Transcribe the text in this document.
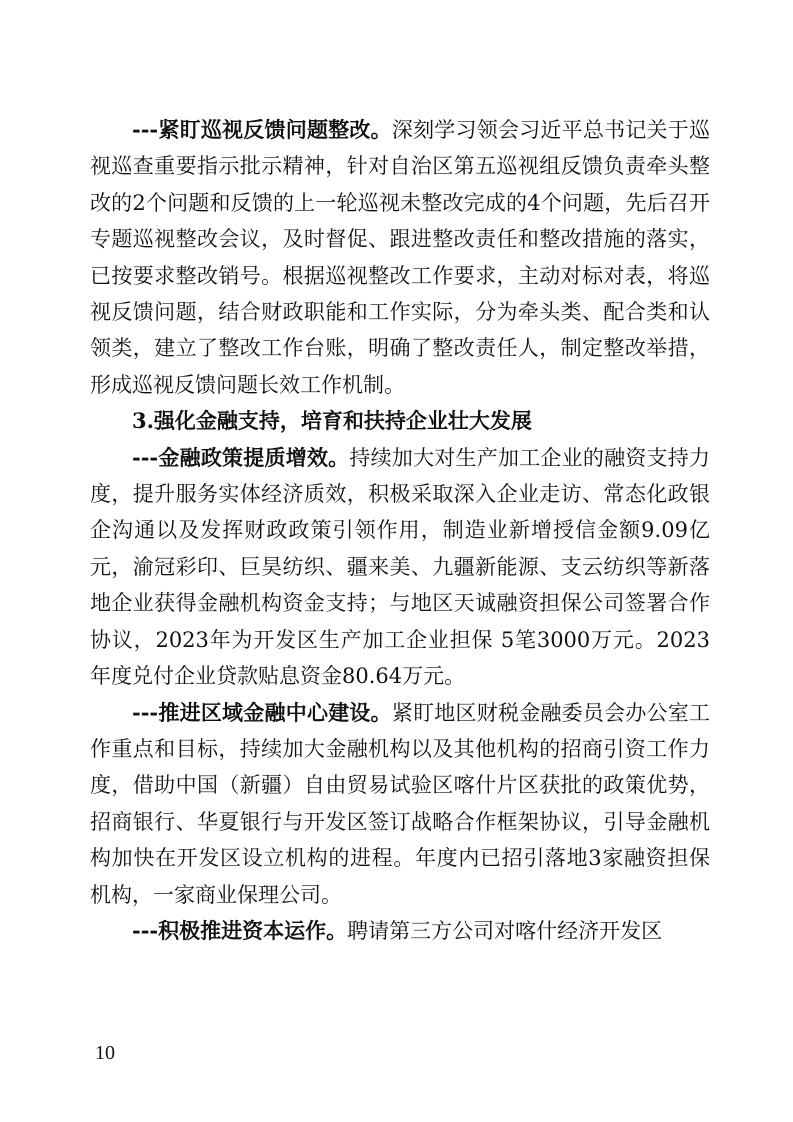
---紧盯巡视反馈问题整改。深刻学习领会习近平总书记关于巡视巡查重要指示批示精神，针对自治区第五巡视组反馈负责牵头整改的2个问题和反馈的上一轮巡视未整改完成的4个问题，先后召开专题巡视整改会议，及时督促、跟进整改责任和整改措施的落实，已按要求整改销号。根据巡视整改工作要求，主动对标对表，将巡视反馈问题，结合财政职能和工作实际，分为牵头类、配合类和认领类，建立了整改工作台账，明确了整改责任人，制定整改举措，形成巡视反馈问题长效工作机制。

3.强化金融支持，培育和扶持企业壮大发展

---金融政策提质增效。持续加大对生产加工企业的融资支持力度，提升服务实体经济质效，积极采取深入企业走访、常态化政银企沟通以及发挥财政政策引领作用，制造业新增授信金额9.09亿元，渝冠彩印、巨昊纺织、疆来美、九疆新能源、支云纺织等新落地企业获得金融机构资金支持；与地区天诚融资担保公司签署合作协议，2023年为开发区生产加工企业担保 5笔3000万元。2023年度兑付企业贷款贴息资金80.64万元。

---推进区域金融中心建设。紧盯地区财税金融委员会办公室工作重点和目标，持续加大金融机构以及其他机构的招商引资工作力度，借助中国（新疆）自由贸易试验区喀什片区获批的政策优势，招商银行、华夏银行与开发区签订战略合作框架协议，引导金融机构加快在开发区设立机构的进程。年度内已招引落地3家融资担保机构，一家商业保理公司。

---积极推进资本运作。聘请第三方公司对喀什经济开发区

10
